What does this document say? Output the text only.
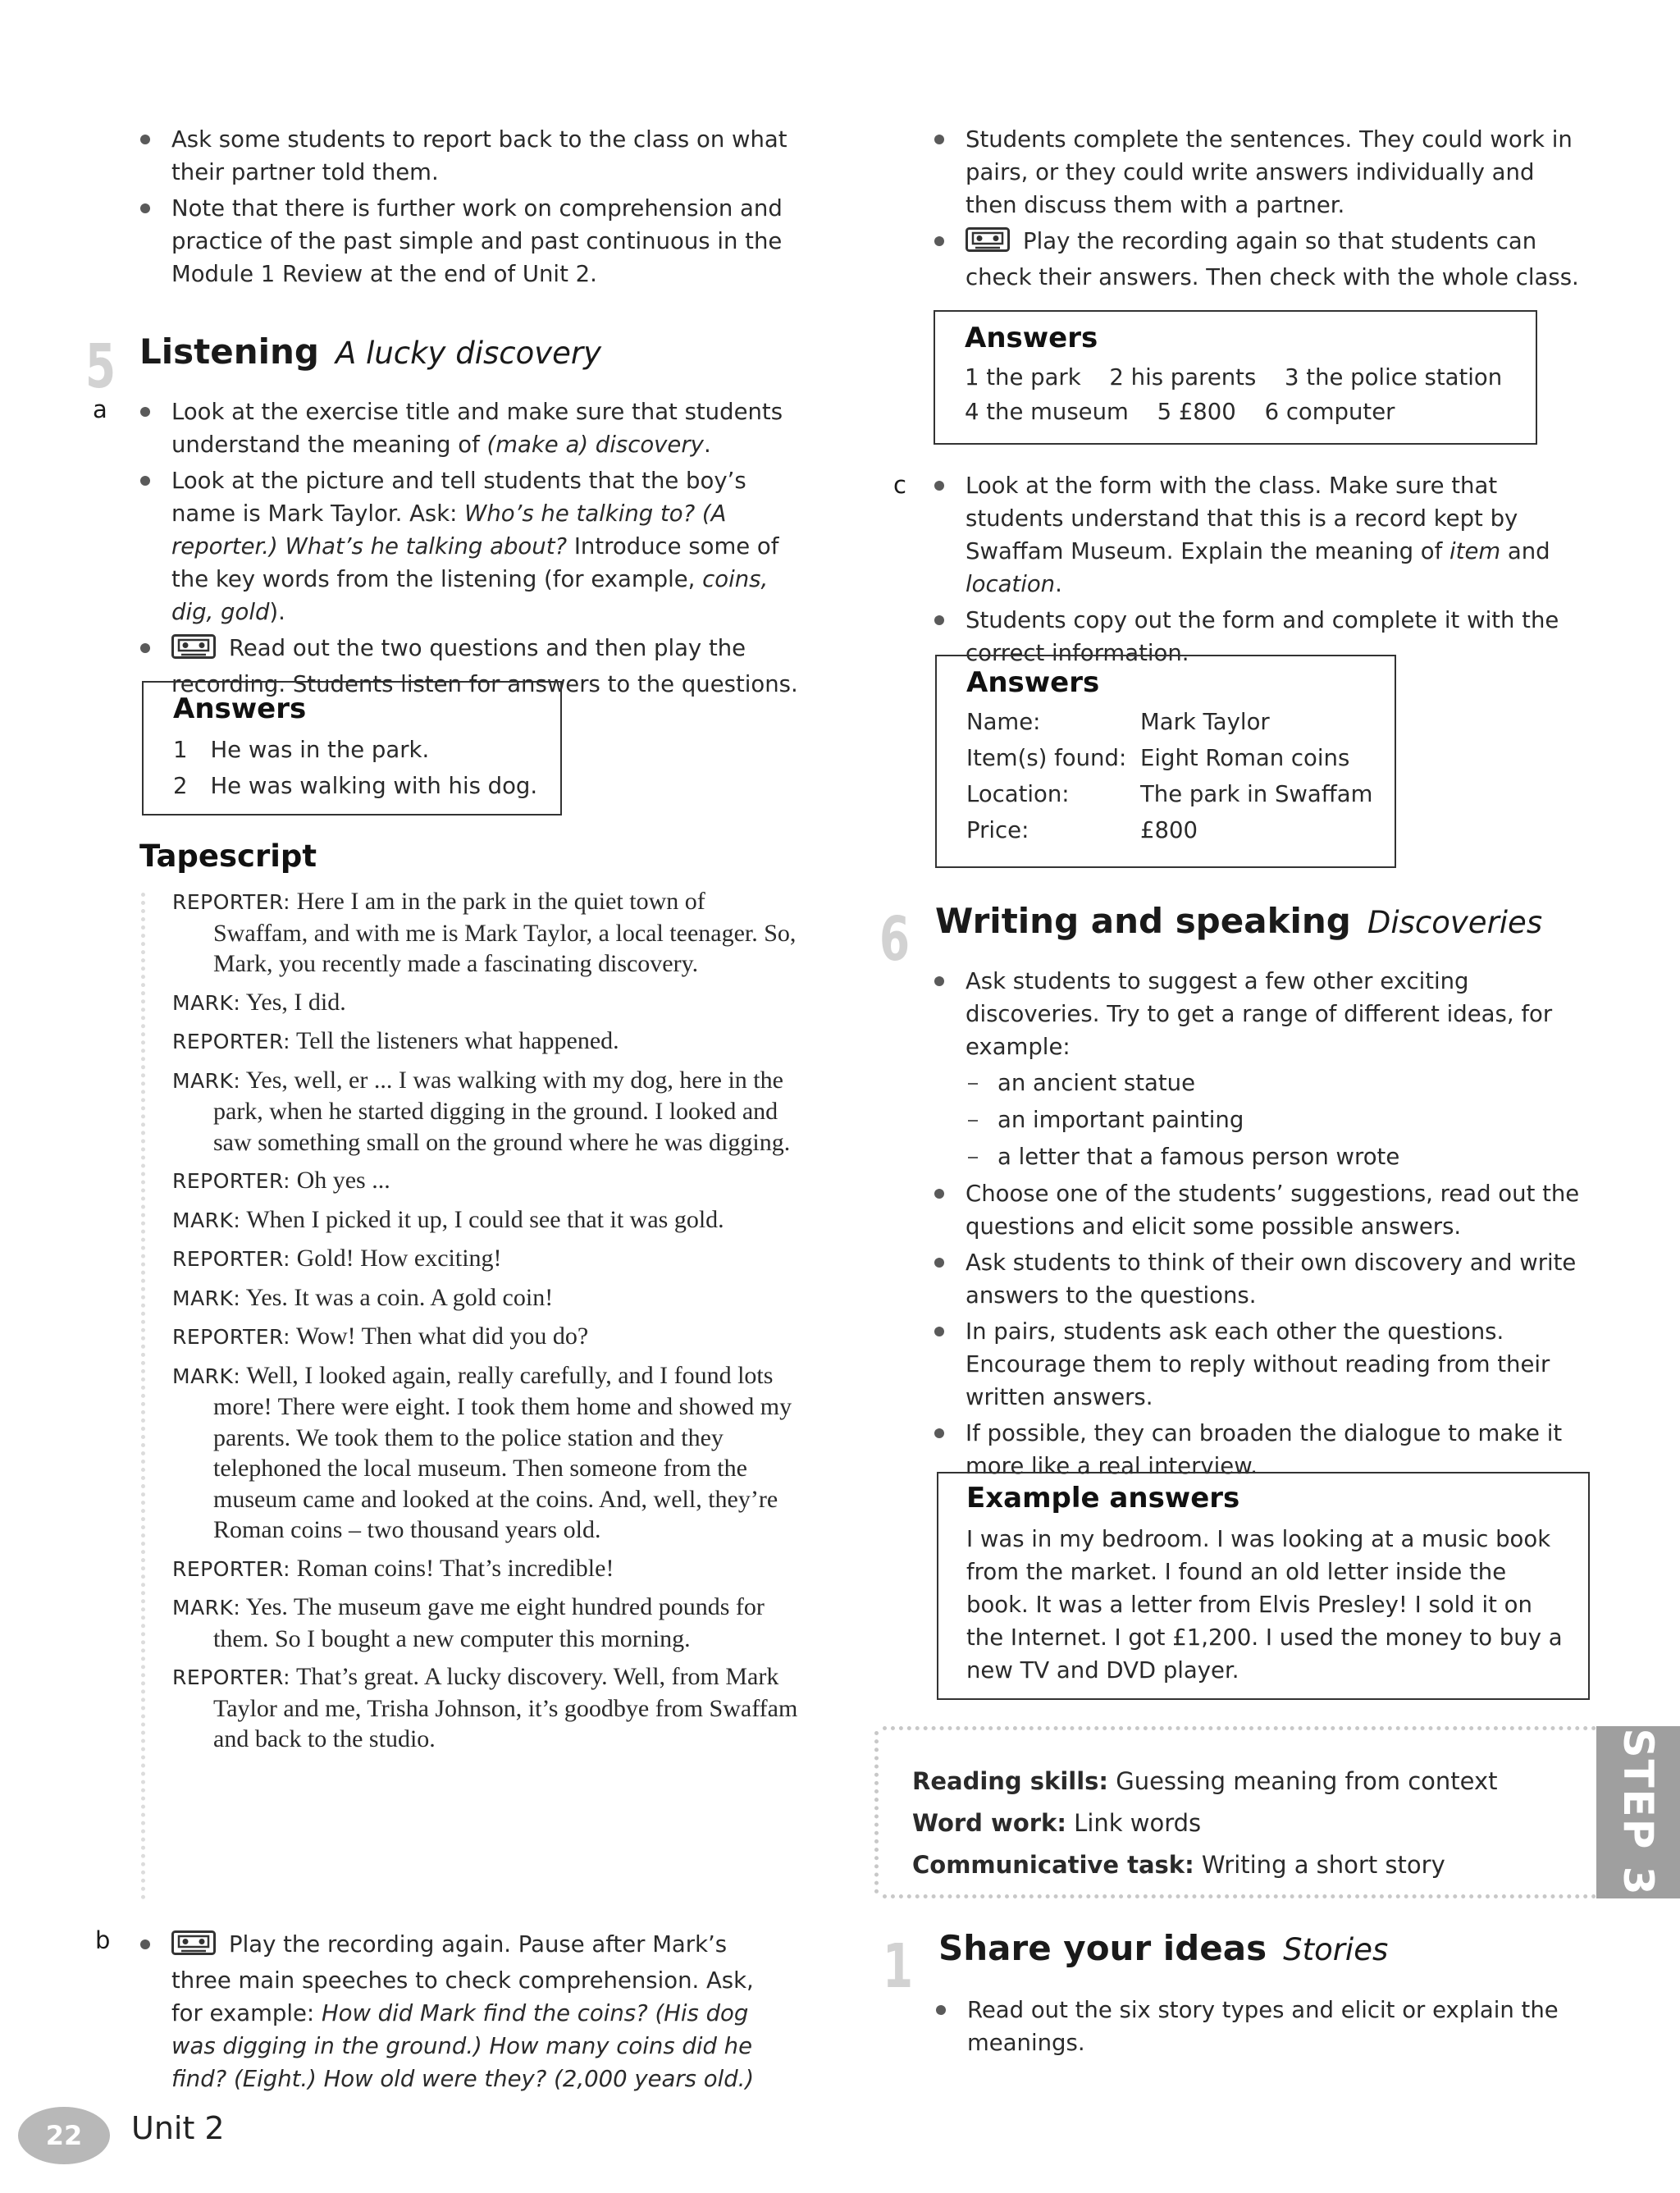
Ask some students to report back to the class on what their partner told them.
Note that there is further work on comprehension and practice of the past simple and past continuous in the Module 1 Review at the end of Unit 2.
5 Listening A lucky discovery
a	Look at the exercise title and make sure that students understand the meaning of (make a) discovery.
Look at the picture and tell students that the boy’s name is Mark Taylor. Ask: Who’s he talking to? (A reporter.) What’s he talking about? Introduce some of the key words from the listening (for example, coins, dig, gold).
Read out the two questions and then play the recording. Students listen for answers to the questions.
Answers
1 He was in the park.
2 He was walking with his dog.
Tapescript
REPORTER: Here I am in the park in the quiet town of Swaffam, and with me is Mark Taylor, a local teenager. So, Mark, you recently made a fascinating discovery.
MARK: Yes, I did.
REPORTER: Tell the listeners what happened.
MARK: Yes, well, er ... I was walking with my dog, here in the park, when he started digging in the ground. I looked and saw something small on the ground where he was digging.
REPORTER: Oh yes ...
MARK: When I picked it up, I could see that it was gold.
REPORTER: Gold! How exciting!
MARK: Yes. It was a coin. A gold coin!
REPORTER: Wow! Then what did you do?
MARK: Well, I looked again, really carefully, and I found lots more! There were eight. I took them home and showed my parents. We took them to the police station and they telephoned the local museum. Then someone from the museum came and looked at the coins. And, well, they’re Roman coins – two thousand years old.
REPORTER: Roman coins! That’s incredible!
MARK: Yes. The museum gave me eight hundred pounds for them. So I bought a new computer this morning.
REPORTER: That’s great. A lucky discovery. Well, from Mark Taylor and me, Trisha Johnson, it’s goodbye from Swaffam and back to the studio.
b	Play the recording again. Pause after Mark’s three main speeches to check comprehension. Ask, for example: How did Mark find the coins? (His dog was digging in the ground.) How many coins did he find? (Eight.) How old were they? (2,000 years old.)
22	Unit 2
Students complete the sentences. They could work in pairs, or they could write answers individually and then discuss them with a partner.
Play the recording again so that students can check their answers. Then check with the whole class.
Answers
1 the park 2 his parents 3 the police station
4 the museum 5 £800 6 computer
c	Look at the form with the class. Make sure that students understand that this is a record kept by Swaffam Museum. Explain the meaning of item and location.
Students copy out the form and complete it with the correct information.
Answers
Name:	Mark Taylor
Item(s) found: Eight Roman coins
Location:	The park in Swaffam
Price:	£800
6 Writing and speaking Discoveries
Ask students to suggest a few other exciting discoveries. Try to get a range of different ideas, for example:
an ancient statue
an important painting
a letter that a famous person wrote
Choose one of the students’ suggestions, read out the questions and elicit some possible answers.
Ask students to think of their own discovery and write answers to the questions.
In pairs, students ask each other the questions. Encourage them to reply without reading from their written answers.
If possible, they can broaden the dialogue to make it more like a real interview.
Example answers
I was in my bedroom. I was looking at a music book from the market. I found an old letter inside the book. It was a letter from Elvis Presley! I sold it on the Internet. I got £1,200. I used the money to buy a new TV and DVD player.
Reading skills: Guessing meaning from context
Word work: Link words
Communicative task: Writing a short story	STEP 3
1 Share your ideas Stories
Read out the six story types and elicit or explain the meanings.
